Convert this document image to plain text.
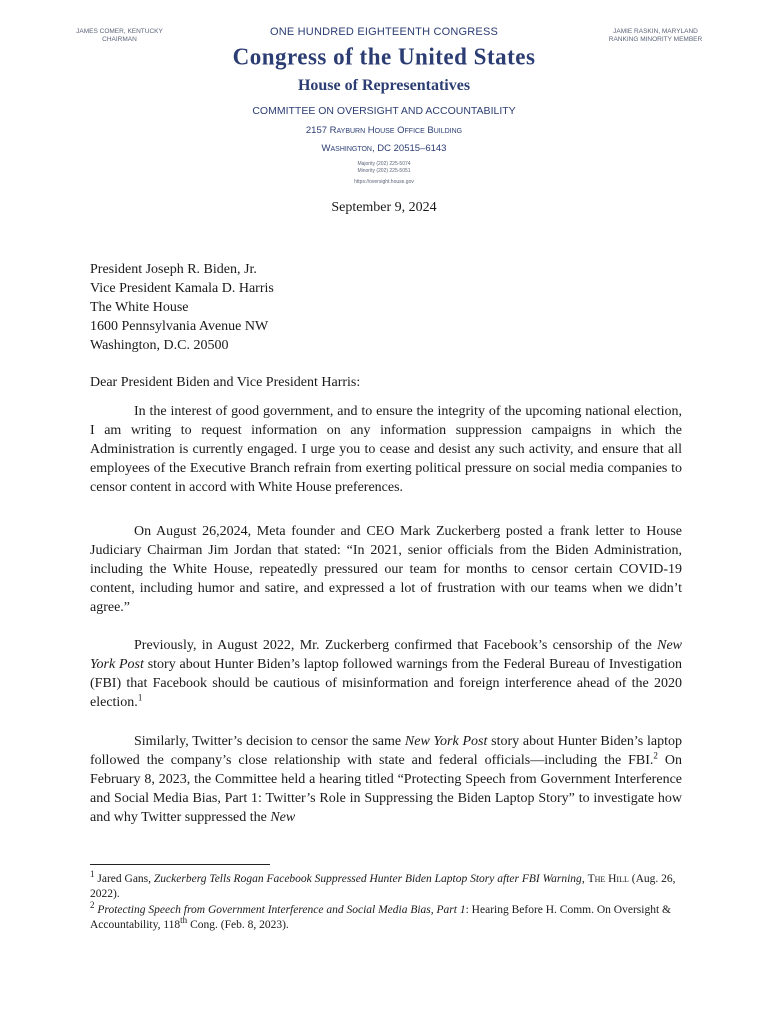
JAMES COMER, KENTUCKY
CHAIRMAN
JAMIE RASKIN, MARYLAND
RANKING MINORITY MEMBER
ONE HUNDRED EIGHTEENTH CONGRESS
Congress of the United States
House of Representatives
COMMITTEE ON OVERSIGHT AND ACCOUNTABILITY
2157 Rayburn House Office Building
Washington, DC 20515–6143
Majority (202) 225-5074
Minority (202) 225-5051
https://oversight.house.gov
September 9, 2024
President Joseph R. Biden, Jr.
Vice President Kamala D. Harris
The White House
1600 Pennsylvania Avenue NW
Washington, D.C. 20500
Dear President Biden and Vice President Harris:
In the interest of good government, and to ensure the integrity of the upcoming national election, I am writing to request information on any information suppression campaigns in which the Administration is currently engaged. I urge you to cease and desist any such activity, and ensure that all employees of the Executive Branch refrain from exerting political pressure on social media companies to censor content in accord with White House preferences.
On August 26,2024, Meta founder and CEO Mark Zuckerberg posted a frank letter to House Judiciary Chairman Jim Jordan that stated: “In 2021, senior officials from the Biden Administration, including the White House, repeatedly pressured our team for months to censor certain COVID-19 content, including humor and satire, and expressed a lot of frustration with our teams when we didn’t agree.”
Previously, in August 2022, Mr. Zuckerberg confirmed that Facebook’s censorship of the New York Post story about Hunter Biden’s laptop followed warnings from the Federal Bureau of Investigation (FBI) that Facebook should be cautious of misinformation and foreign interference ahead of the 2020 election.$^1$
Similarly, Twitter’s decision to censor the same New York Post story about Hunter Biden’s laptop followed the company’s close relationship with state and federal officials—including the FBI.$^2$ On February 8, 2023, the Committee held a hearing titled “Protecting Speech from Government Interference and Social Media Bias, Part 1: Twitter’s Role in Suppressing the Biden Laptop Story” to investigate how and why Twitter suppressed the New
$^1$ Jared Gans, Zuckerberg Tells Rogan Facebook Suppressed Hunter Biden Laptop Story after FBI Warning, The Hill (Aug. 26, 2022).
$^2$ Protecting Speech from Government Interference and Social Media Bias, Part 1: Hearing Before H. Comm. On Oversight & Accountability, 118th Cong. (Feb. 8, 2023).
